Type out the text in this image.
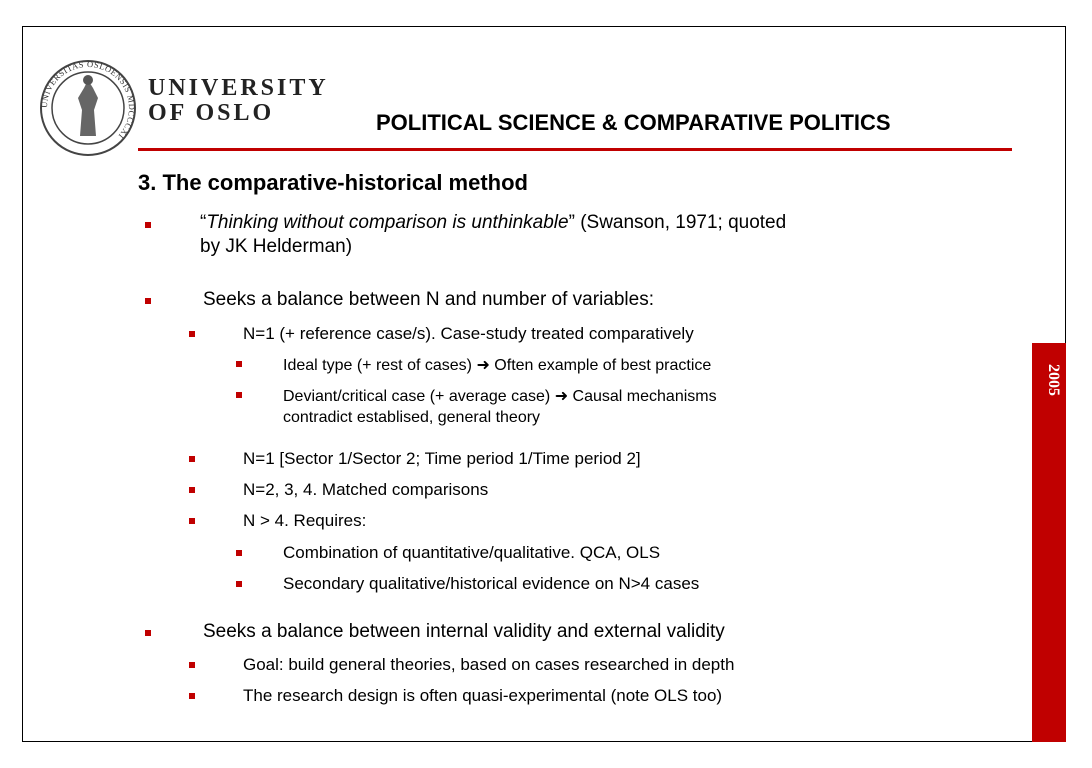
2005
UNIVERSITAS OSLOENSIS MDCCCXI
UNIVERSITY
OF OSLO	POLITICAL SCIENCE & COMPARATIVE POLITICS
3. The comparative-historical method
“Thinking without comparison is unthinkable” (Swanson, 1971; quoted
by JK Helderman)
Seeks a balance between N and number of variables:
N=1 (+ reference case/s). Case-study treated comparatively
Ideal type (+ rest of cases) ➜ Often example of best practice
Deviant/critical case (+ average case) ➜ Causal mechanisms
contradict establised, general theory
N=1 [Sector 1/Sector 2; Time period 1/Time period 2]
N=2, 3, 4. Matched comparisons
N > 4. Requires:
Combination of quantitative/qualitative. QCA, OLS
Secondary qualitative/historical evidence on N>4 cases
Seeks a balance between internal validity and external validity
Goal: build general theories, based on cases researched in depth
The research design is often quasi-experimental (note OLS too)
